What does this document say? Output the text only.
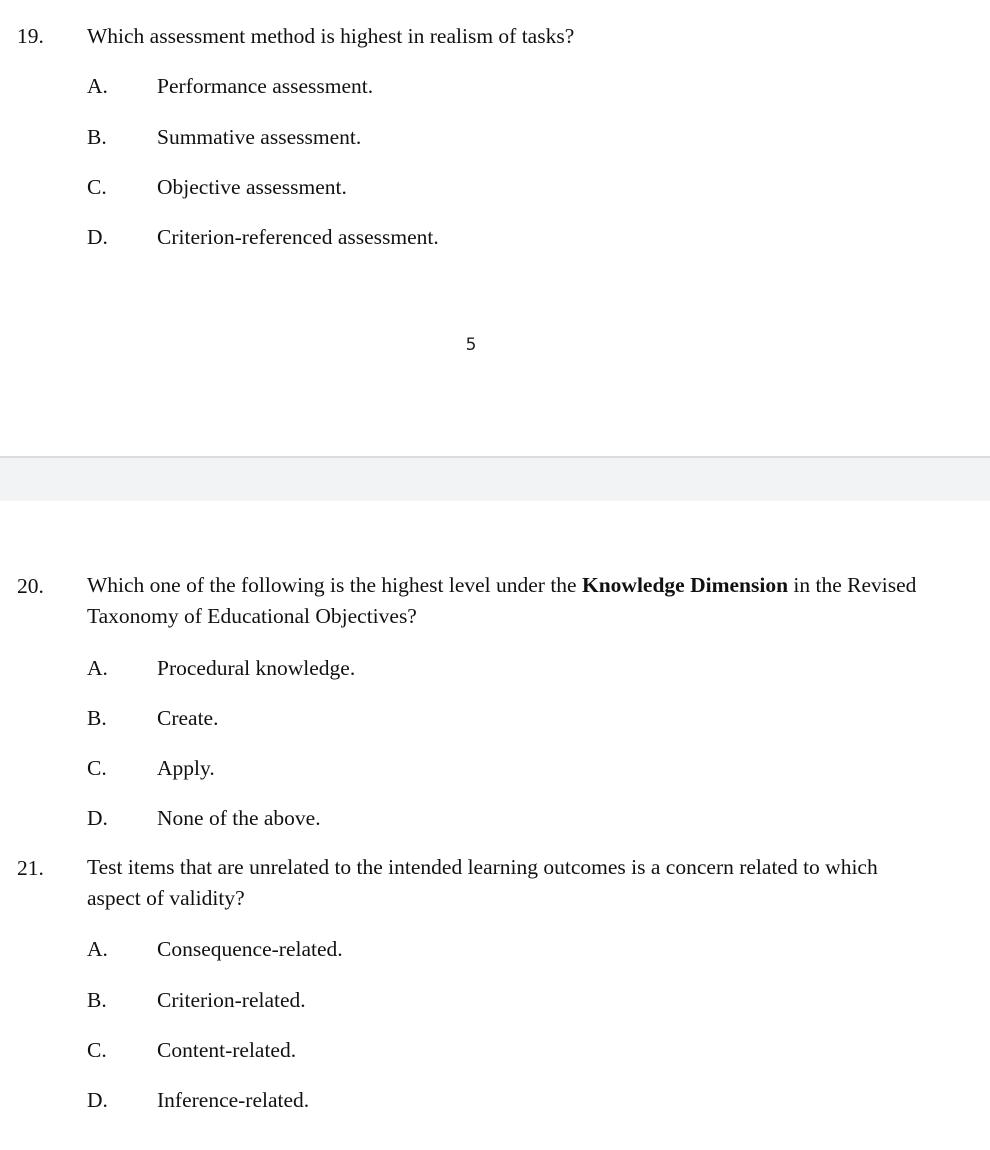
19. Which assessment method is highest in realism of tasks?
A. Performance assessment.
B. Summative assessment.
C. Objective assessment.
D. Criterion-referenced assessment.
5
20. Which one of the following is the highest level under the Knowledge Dimension in the Revised Taxonomy of Educational Objectives?
A. Procedural knowledge.
B. Create.
C. Apply.
D. None of the above.
21. Test items that are unrelated to the intended learning outcomes is a concern related to which aspect of validity?
A. Consequence-related.
B. Criterion-related.
C. Content-related.
D. Inference-related.
